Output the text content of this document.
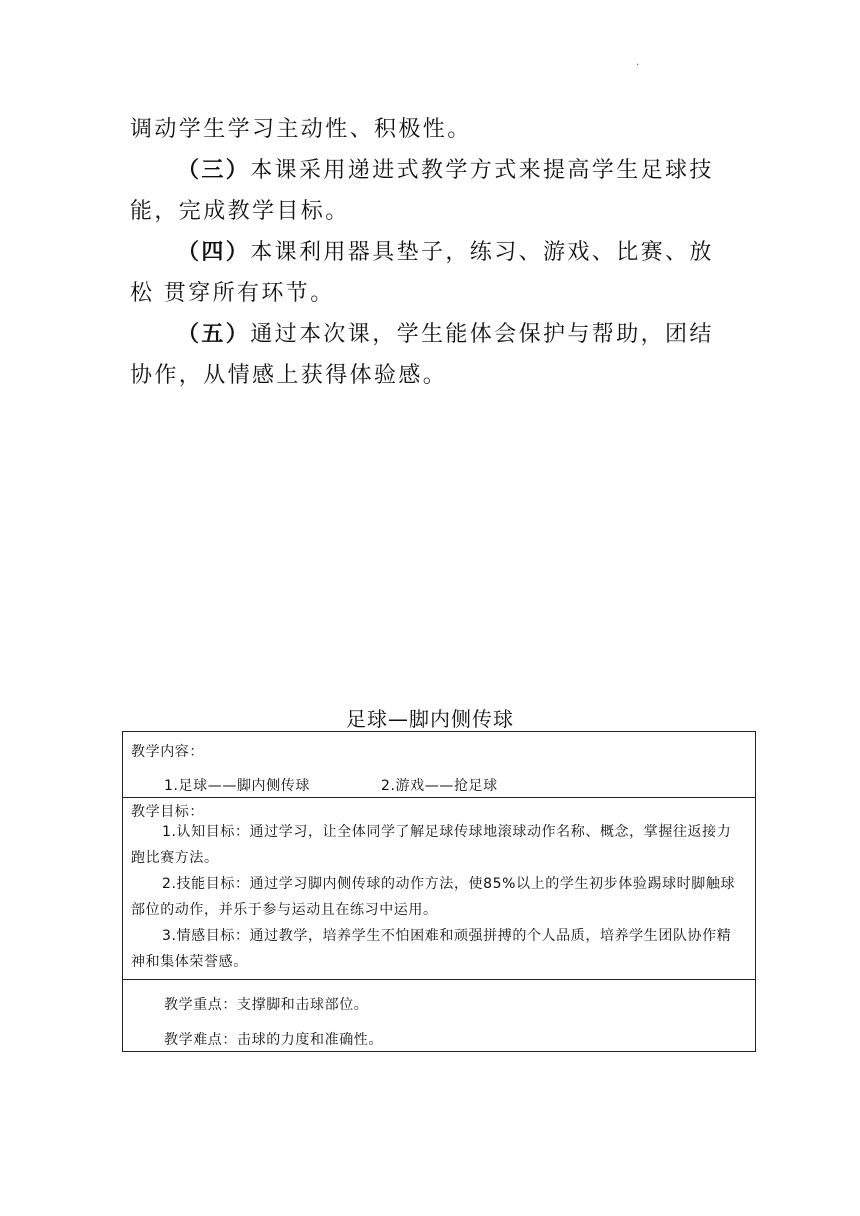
·

调动学生学习主动性、积极性。

（三）本课采用递进式教学方式来提高学生足球技能，完成教学目标。

（四）本课利用器具垫子，练习、游戏、比赛、放松 贯穿所有环节。

（五）通过本次课，学生能体会保护与帮助，团结协作，从情感上获得体验感。

足球—脚内侧传球
教学内容：
1.足球——脚内侧传球	2.游戏——抢足球
教学目标：
1.认知目标：通过学习，让全体同学了解足球传球地滚球动作名称、概念，掌握往返接力跑比赛方法。
2.技能目标：通过学习脚内侧传球的动作方法，使85%以上的学生初步体验踢球时脚触球部位的动作，并乐于参与运动且在练习中运用。
3.情感目标：通过教学，培养学生不怕困难和顽强拼搏的个人品质，培养学生团队协作精神和集体荣誉感。
教学重点：支撑脚和击球部位。
教学难点：击球的力度和准确性。
